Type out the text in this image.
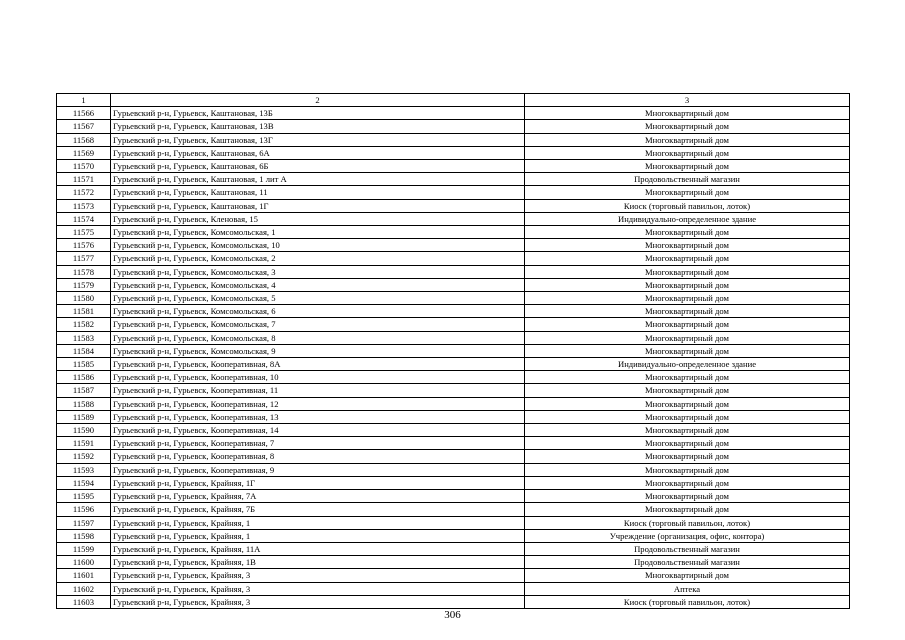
1	2	3
11566	Гурьевский р-н, Гурьевск, Каштановая, 13Б	Многоквартирный дом
11567	Гурьевский р-н, Гурьевск, Каштановая, 13В	Многоквартирный дом
11568	Гурьевский р-н, Гурьевск, Каштановая, 13Г	Многоквартирный дом
11569	Гурьевский р-н, Гурьевск, Каштановая, 6А	Многоквартирный дом
11570	Гурьевский р-н, Гурьевск, Каштановая, 6Б	Многоквартирный дом
11571	Гурьевский р-н, Гурьевск, Каштановая, 1 лит А	Продовольственный магазин
11572	Гурьевский р-н, Гурьевск, Каштановая, 11	Многоквартирный дом
11573	Гурьевский р-н, Гурьевск, Каштановая, 1Г	Киоск (торговый павильон, лоток)
11574	Гурьевский р-н, Гурьевск, Кленовая, 15	Индивидуально-определенное здание
11575	Гурьевский р-н, Гурьевск, Комсомольская, 1	Многоквартирный дом
11576	Гурьевский р-н, Гурьевск, Комсомольская, 10	Многоквартирный дом
11577	Гурьевский р-н, Гурьевск, Комсомольская, 2	Многоквартирный дом
11578	Гурьевский р-н, Гурьевск, Комсомольская, 3	Многоквартирный дом
11579	Гурьевский р-н, Гурьевск, Комсомольская, 4	Многоквартирный дом
11580	Гурьевский р-н, Гурьевск, Комсомольская, 5	Многоквартирный дом
11581	Гурьевский р-н, Гурьевск, Комсомольская, 6	Многоквартирный дом
11582	Гурьевский р-н, Гурьевск, Комсомольская, 7	Многоквартирный дом
11583	Гурьевский р-н, Гурьевск, Комсомольская, 8	Многоквартирный дом
11584	Гурьевский р-н, Гурьевск, Комсомольская, 9	Многоквартирный дом
11585	Гурьевский р-н, Гурьевск, Кооперативная, 8А	Индивидуально-определенное здание
11586	Гурьевский р-н, Гурьевск, Кооперативная, 10	Многоквартирный дом
11587	Гурьевский р-н, Гурьевск, Кооперативная, 11	Многоквартирный дом
11588	Гурьевский р-н, Гурьевск, Кооперативная, 12	Многоквартирный дом
11589	Гурьевский р-н, Гурьевск, Кооперативная, 13	Многоквартирный дом
11590	Гурьевский р-н, Гурьевск, Кооперативная, 14	Многоквартирный дом
11591	Гурьевский р-н, Гурьевск, Кооперативная, 7	Многоквартирный дом
11592	Гурьевский р-н, Гурьевск, Кооперативная, 8	Многоквартирный дом
11593	Гурьевский р-н, Гурьевск, Кооперативная, 9	Многоквартирный дом
11594	Гурьевский р-н, Гурьевск, Крайняя, 1Г	Многоквартирный дом
11595	Гурьевский р-н, Гурьевск, Крайняя, 7А	Многоквартирный дом
11596	Гурьевский р-н, Гурьевск, Крайняя, 7Б	Многоквартирный дом
11597	Гурьевский р-н, Гурьевск, Крайняя, 1	Киоск (торговый павильон, лоток)
11598	Гурьевский р-н, Гурьевск, Крайняя, 1	Учреждение (организация, офис, контора)
11599	Гурьевский р-н, Гурьевск, Крайняя, 11А	Продовольственный магазин
11600	Гурьевский р-н, Гурьевск, Крайняя, 1В	Продовольственный магазин
11601	Гурьевский р-н, Гурьевск, Крайняя, 3	Многоквартирный дом
11602	Гурьевский р-н, Гурьевск, Крайняя, 3	Аптека
11603	Гурьевский р-н, Гурьевск, Крайняя, 3	Киоск (торговый павильон, лоток)
306
